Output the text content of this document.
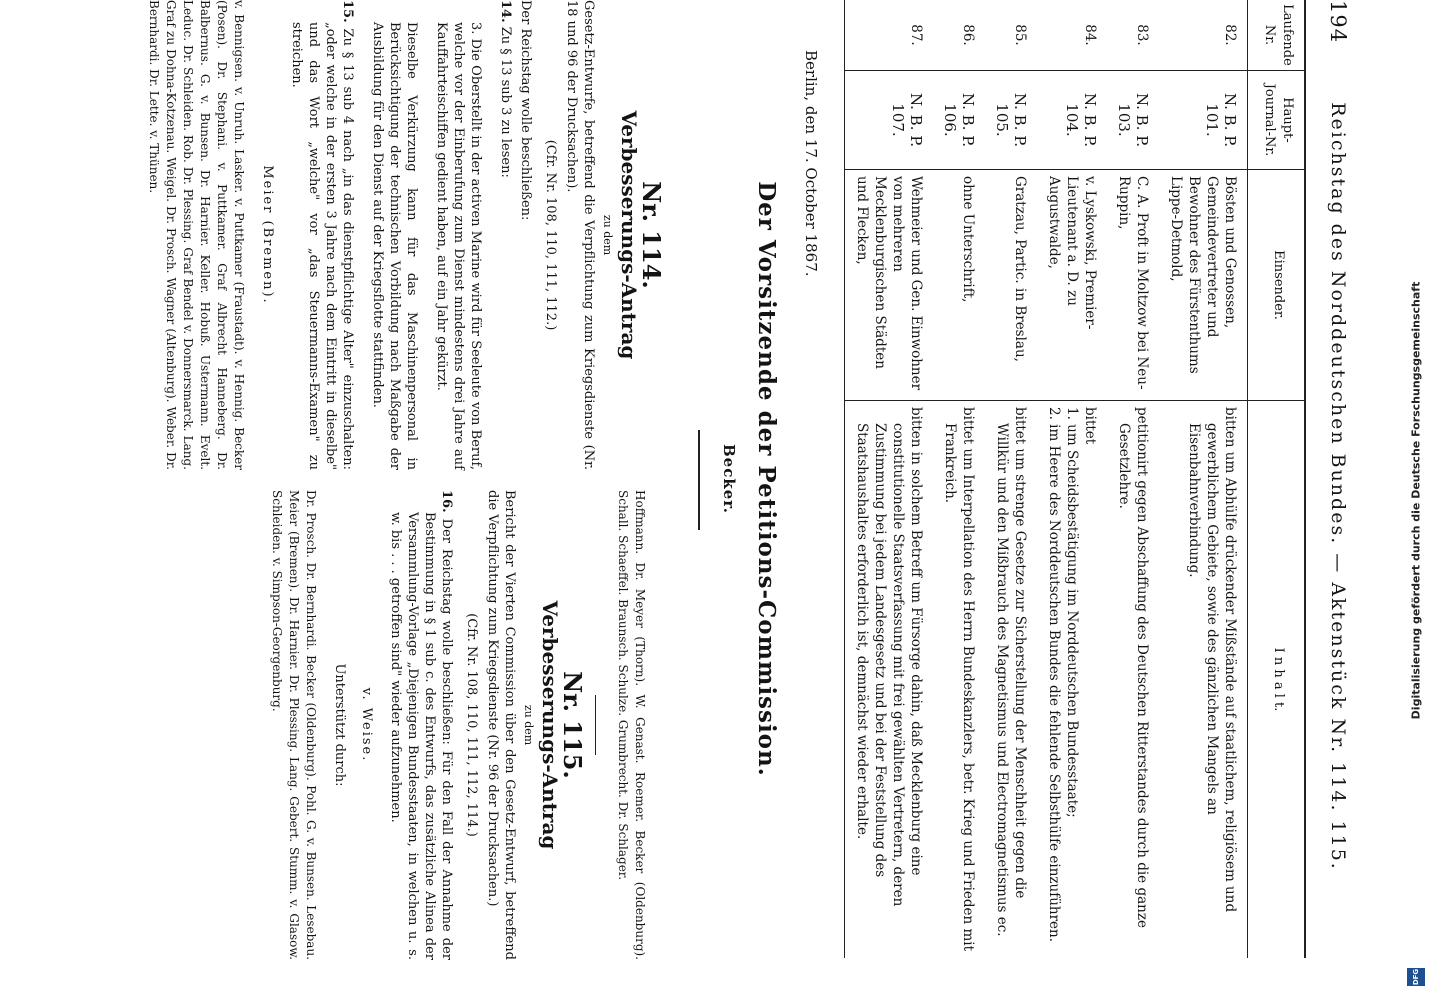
194
Reichstag des Norddeutschen Bundes. — Aktenstück Nr. 114. 115.
Laufende Nr.	Haupt-Journal-Nr.	Einsender.	I n h a l t.
82.	N. B. P. 101.	Bösten und Genossen, Gemeindevertreter und Bewohner des Fürstenthums Lippe-Detmold,	bitten um Abhülfe drückender Mißstände auf staatlichem, religiösem und gewerblichem Gebiete, sowie des gänzlichen Mangels an Eisenbahnverbindung.

83.	N. B. P. 103.	C. A. Proft in Moltzow bei Neu-Ruppin,	petitionirt gegen Abschaffung des Deutschen Ritterstandes durch die ganze Gesetzlehre.

84.	N. B. P. 104.	v. Lyskowski, Premier-Lieutenant a. D. zu Augustwalde,	bittet
1. um Scheidsbestätigung im Norddeutschen Bundesstaate;
2. im Heere des Norddeutschen Bundes die fehlende Selbsthülfe einzuführen.

85.	N. B. P. 105.	Gratzau, Partic. in Breslau,	bittet um strenge Gesetze zur Sicherstellung der Menschheit gegen die Willkür und den Mißbrauch des Magnetismus und Electromagnetismus ec.

86.	N. B. P. 106.	ohne Unterschrift,	bittet um Interpellation des Herrn Bundeskanzlers, betr. Krieg und Frieden mit Frankreich.

87.	N. B. P. 107.	Wehmeier und Gen. Einwohner von mehreren Mecklenburgischen Städten und Flecken,	bitten in solchem Betreff um Fürsorge dahin, daß Mecklenburg eine constitutionelle Staatsverfassung mit frei gewählten Vertretern, deren Zustimmung bei jedem Landesgesetz und bei der Feststellung des Staatshaushaltes erforderlich ist, demnächst wieder erhalte.
Berlin, den 17. October 1867.
Der Vorsitzende der Petitions-Commission.
Becker.
Nr. 114.
Verbesserungs-Antrag
zu dem

Gesetz-Entwurfe, betreffend die Verpflichtung zum Kriegsdienste (Nr. 18 und 96 der Drucksachen).

(Cfr. Nr. 108, 110, 111, 112.)

Der Reichstag wolle beschließen:

14. Zu § 13 sub 3 zu lesen:

3. Die Oberstellt in der activen Marine wird für Seeleute von Beruf, welche vor der Einberufung zum Dienst mindestens drei Jahre auf Kauffahrteischiffen gedient haben, auf ein Jahr gekürzt.

Dieselbe Verkürzung kann für das Maschinenpersonal in Berücksichtigung der technischen Vorbildung nach Maßgabe der Ausbildung für den Dienst auf der Kriegsflotte stattfinden.

15. Zu § 13 sub 4 nach „in das dienstpflichtige Alter" einzuschalten: „oder welche in der ersten 3 Jahre nach dem Eintritt in dieselbe" und das Wort „welche" vor „das Steuermanns-Examen" zu streichen.

Meier (Bremen).

v. Bennigsen. v. Unruh. Lasker. v. Puttkamer (Fraustadt). v. Hennig. Becker (Posen). Dr. Stephani. v. Puttkamer. Graf Albrecht Hanneberg. Dr. Balbernus. G. v. Bunsen. Dr. Harnier. Keller. Hobuß. Ustermann. Evelt. Leduc. Dr. Schleiden. Rob. Dr. Plessing. Graf Bendel v. Donnersmarck. Lang. Graf zu Dohna-Kotzenau. Weigel. Dr. Prosch. Wagner (Altenburg). Weber. Dr. Bernhardi. Dr. Lette. v. Thünen.

Hoffmann. Dr. Meyer (Thorn). W. Genast. Roemer. Becker (Oldenburg). Schall. Schaeffel. Braunsch. Schulze. Grumbrecht. Dr. Schlager.

Nr. 115.
Verbesserungs-Antrag
zu dem

Bericht der Vierten Commission über den Gesetz-Entwurf, betreffend die Verpflichtung zum Kriegsdienste (Nr. 96 der Drucksachen.)

(Cfr. Nr. 108, 110, 111, 112, 114.)

16. Der Reichstag wolle beschließen: Für den Fall der Annahme der Bestimmung in § 1 sub c. des Entwurfs, das zusätzliche Alinea der Versammlung-Vorlage „Diejenigen Bundesstaaten, in welchen u. s. w. bis . . . getroffen sind" wieder aufzunehmen.

v. Weise.
Unterstützt durch:

Dr. Prosch. Dr. Bernhardi. Becker (Oldenburg). Pohl. G. v. Bunsen. Lesebau. Meier (Bremen). Dr. Harnier. Dr. Plessing. Lang. Gebert. Stumm. v. Glasow. Schleiden. v. Simpson-Georgenburg.	Digitalisierung gefördert durch die Deutsche Forschungsgemeinschaft
DFG
